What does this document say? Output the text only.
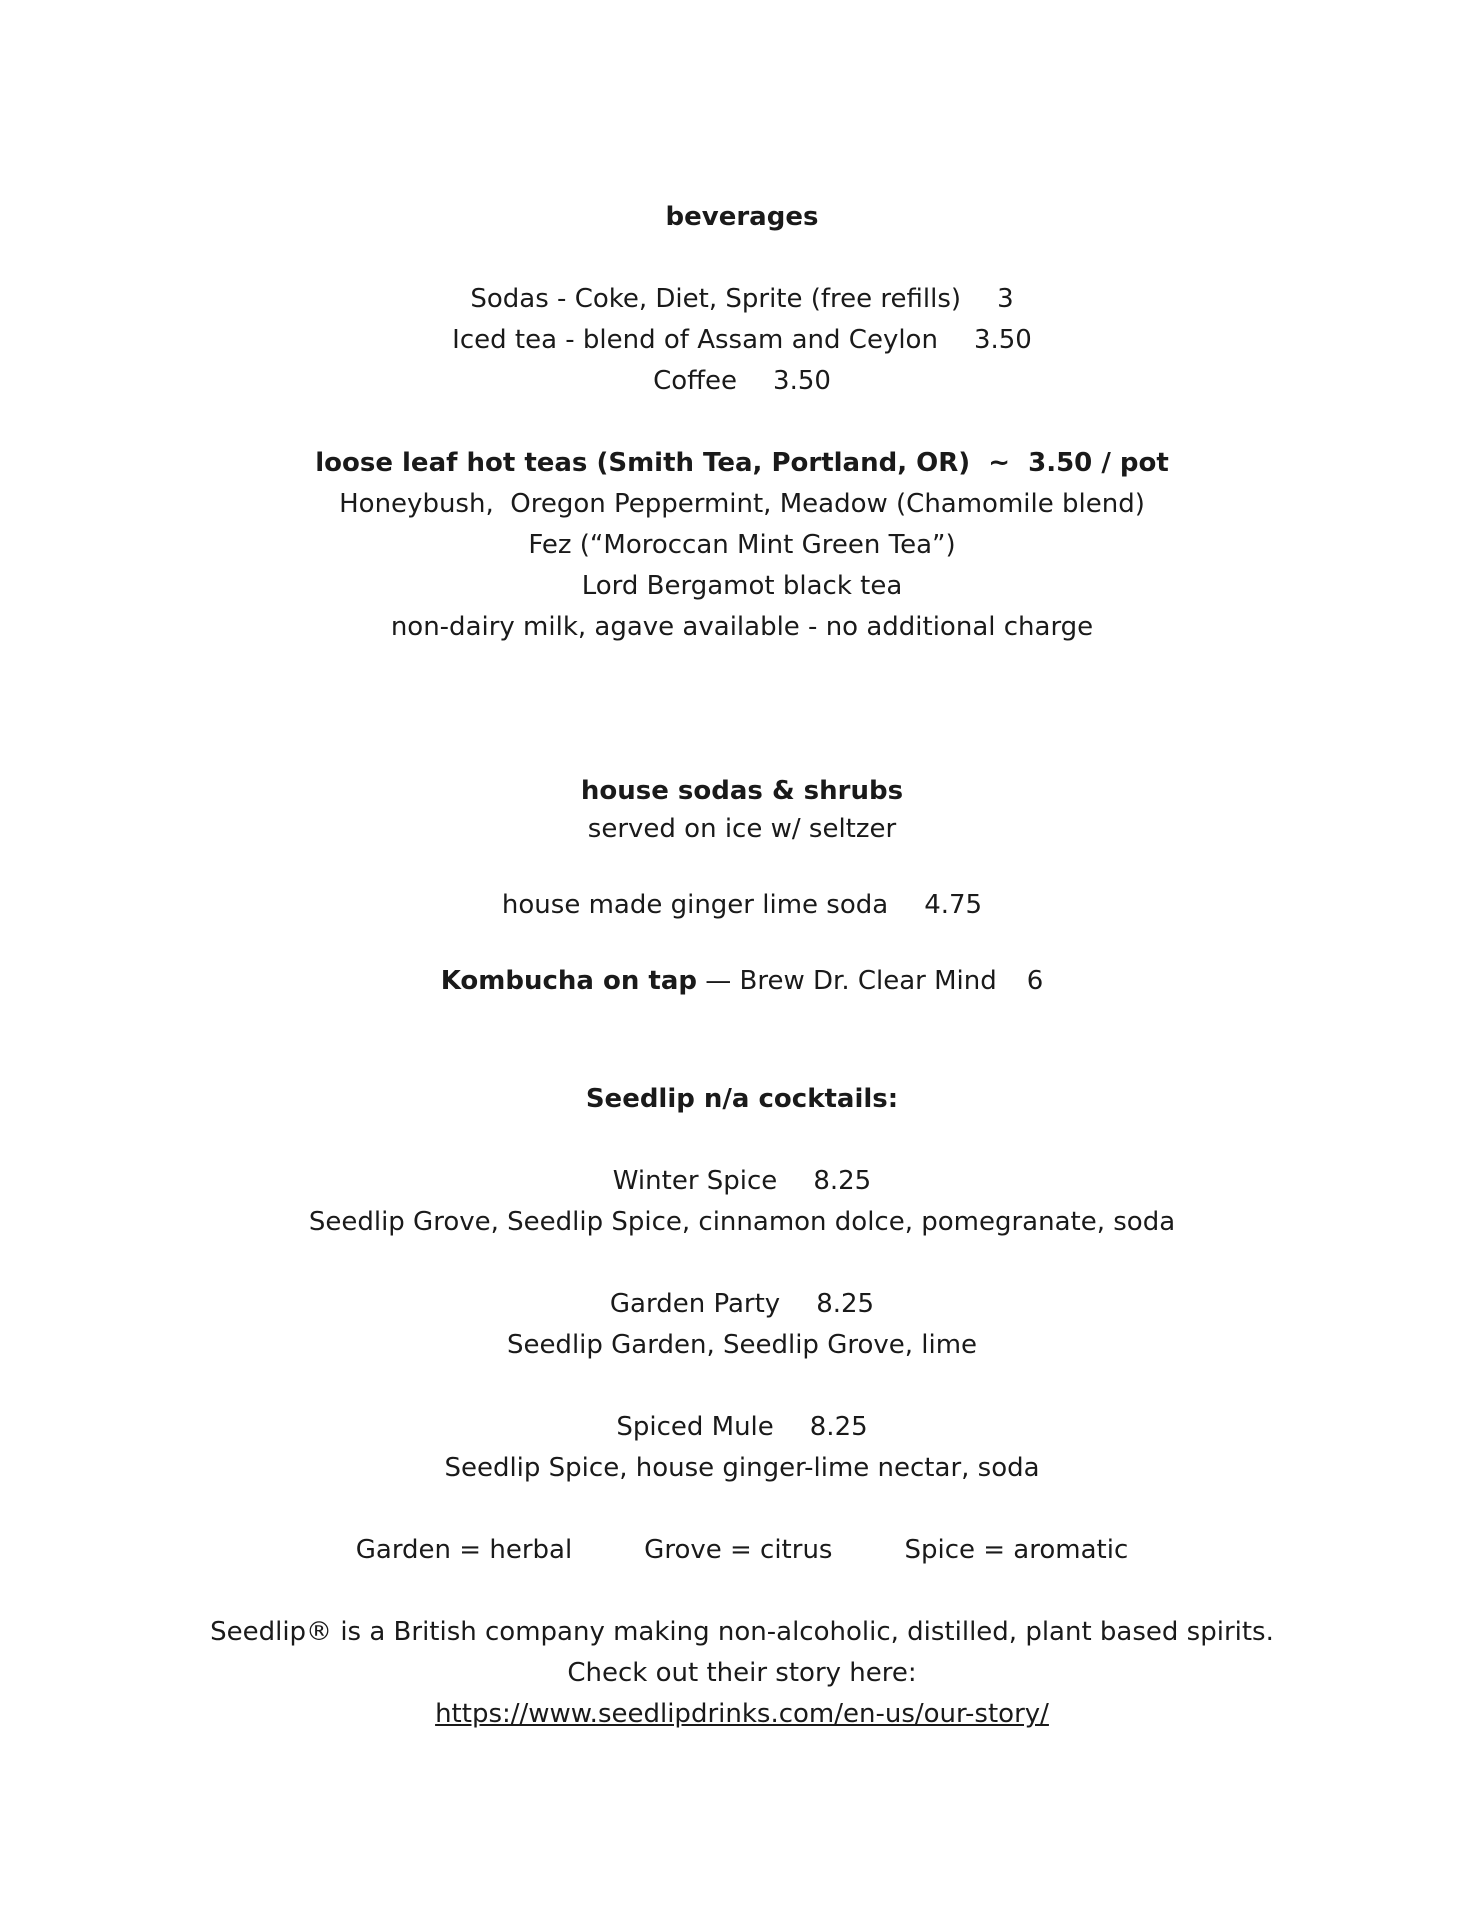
beverages
Sodas - Coke, Diet, Sprite (free refills) 3
Iced tea - blend of Assam and Ceylon 3.50
Coffee 3.50
loose leaf hot teas (Smith Tea, Portland, OR)  ~  3.50 / pot
Honeybush,  Oregon Peppermint, Meadow (Chamomile blend)
Fez (“Moroccan Mint Green Tea”)
Lord Bergamot black tea
non-dairy milk, agave available - no additional charge
house sodas & shrubs
served on ice w/ seltzer
house made ginger lime soda 4.75
Kombucha on tap — Brew Dr. Clear Mind 6
Seedlip n/a cocktails:
Winter Spice 8.25
Seedlip Grove, Seedlip Spice, cinnamon dolce, pomegranate, soda
Garden Party 8.25
Seedlip Garden, Seedlip Grove, lime
Spiced Mule 8.25
Seedlip Spice, house ginger-lime nectar, soda
Garden = herbal	Grove = citrus	Spice = aromatic
Seedlip® is a British company making non-alcoholic, distilled, plant based spirits.
Check out their story here:
https://www.seedlipdrinks.com/en-us/our-story/
